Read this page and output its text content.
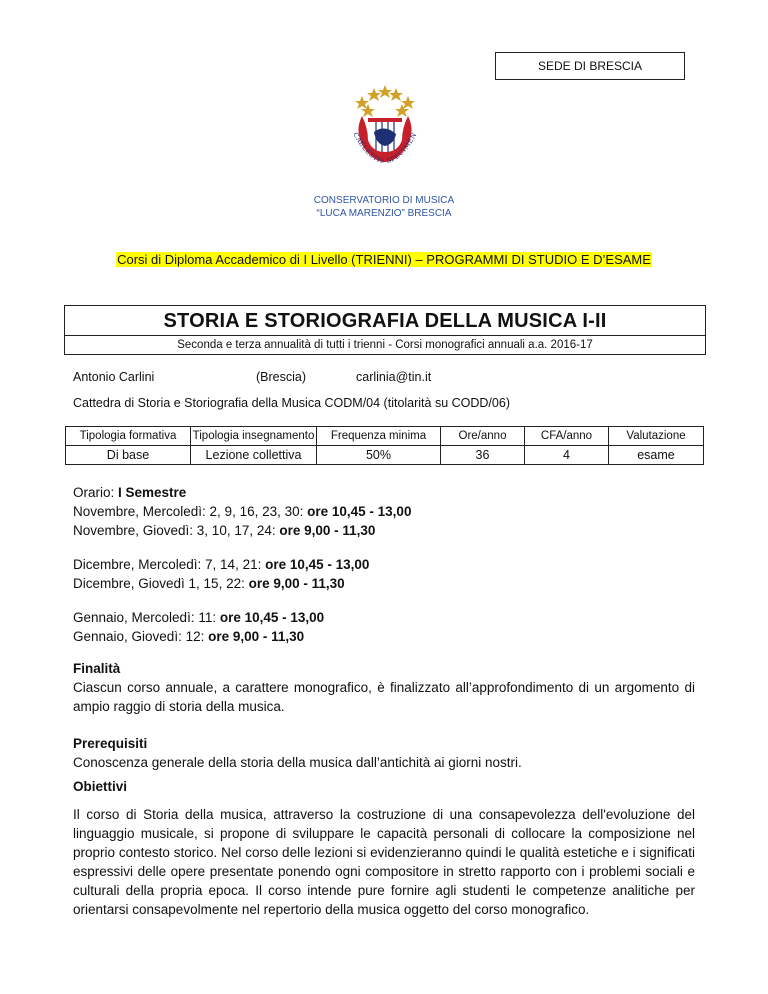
SEDE DI BRESCIA
CAELESTIS SPECIMEN
CONSERVATORIO DI MUSICA
“LUCA MARENZIO” BRESCIA
Corsi di Diploma Accademico di I Livello (TRIENNI) – PROGRAMMI DI STUDIO E D’ESAME
STORIA E STORIOGRAFIA DELLA MUSICA I-II
Seconda e terza annualità di tutti i trienni - Corsi monografici annuali a.a. 2016-17
Antonio Carlini	(Brescia)	carlinia@tin.it
Cattedra di Storia e Storiografia della Musica CODM/04 (titolarità su CODD/06)
Tipologia formativa	Tipologia insegnamento	Frequenza minima	Ore/anno	CFA/anno	Valutazione
Di base	Lezione collettiva	50%	36	4	esame

Orario: I Semestre

Novembre, Mercoledì: 2, 9, 16, 23, 30: ore 10,45 - 13,00

Novembre, Giovedì: 3, 10, 17, 24: ore 9,00 - 11,30

Dicembre, Mercoledì: 7, 14, 21: ore 10,45 - 13,00

Dicembre, Giovedì 1, 15, 22: ore 9,00 - 11,30

Gennaio, Mercoledì: 11: ore 10,45 - 13,00

Gennaio, Giovedì: 12: ore 9,00 - 11,30

Finalità

Ciascun corso annuale, a carattere monografico, è finalizzato all’approfondimento di un argomento di ampio raggio di storia della musica.

Prerequisiti

Conoscenza generale della storia della musica dall’antichità ai giorni nostri.

Obiettivi

Il corso di Storia della musica, attraverso la costruzione di una consapevolezza dell'evoluzione del linguaggio musicale, si propone di sviluppare le capacità personali di collocare la composizione nel proprio contesto storico. Nel corso delle lezioni si evidenzieranno quindi le qualità estetiche e i significati espressivi delle opere presentate ponendo ogni compositore in stretto rapporto con i problemi sociali e culturali della propria epoca. Il corso intende pure fornire agli studenti le competenze analitiche per orientarsi consapevolmente nel repertorio della musica oggetto del corso monografico.
